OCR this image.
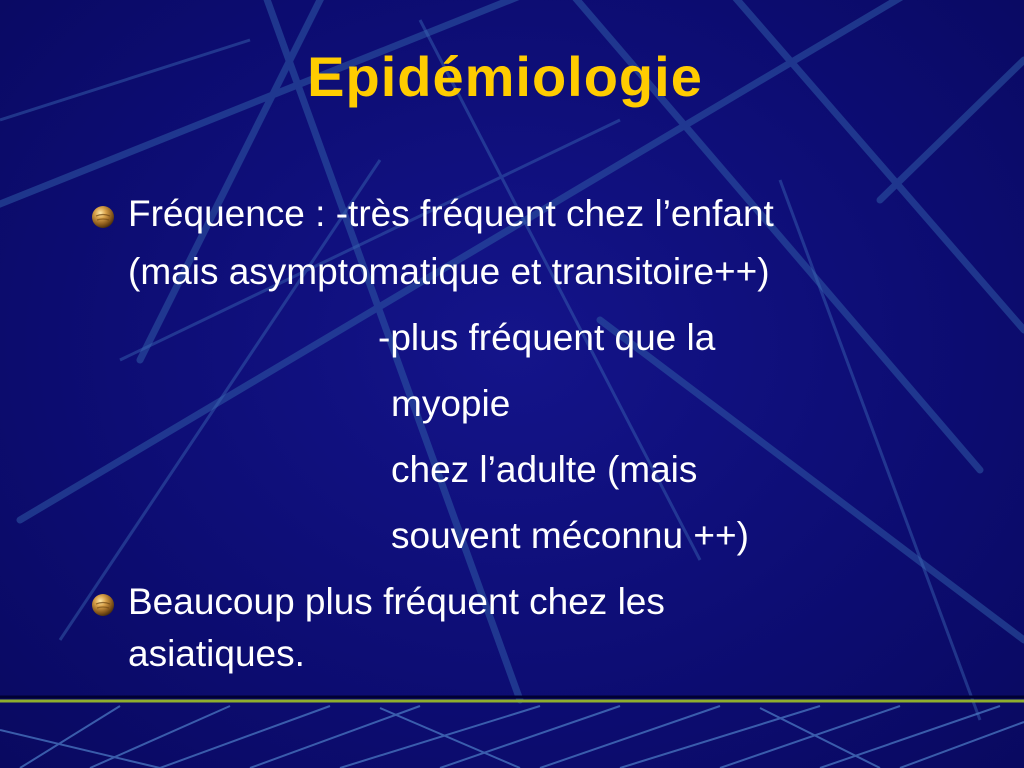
Epidémiologie
Fréquence : -très fréquent chez l’enfant
(mais asymptomatique et transitoire++)
-plus fréquent que la
myopie
chez l’adulte (mais
souvent méconnu ++)
Beaucoup plus fréquent chez les
asiatiques.
